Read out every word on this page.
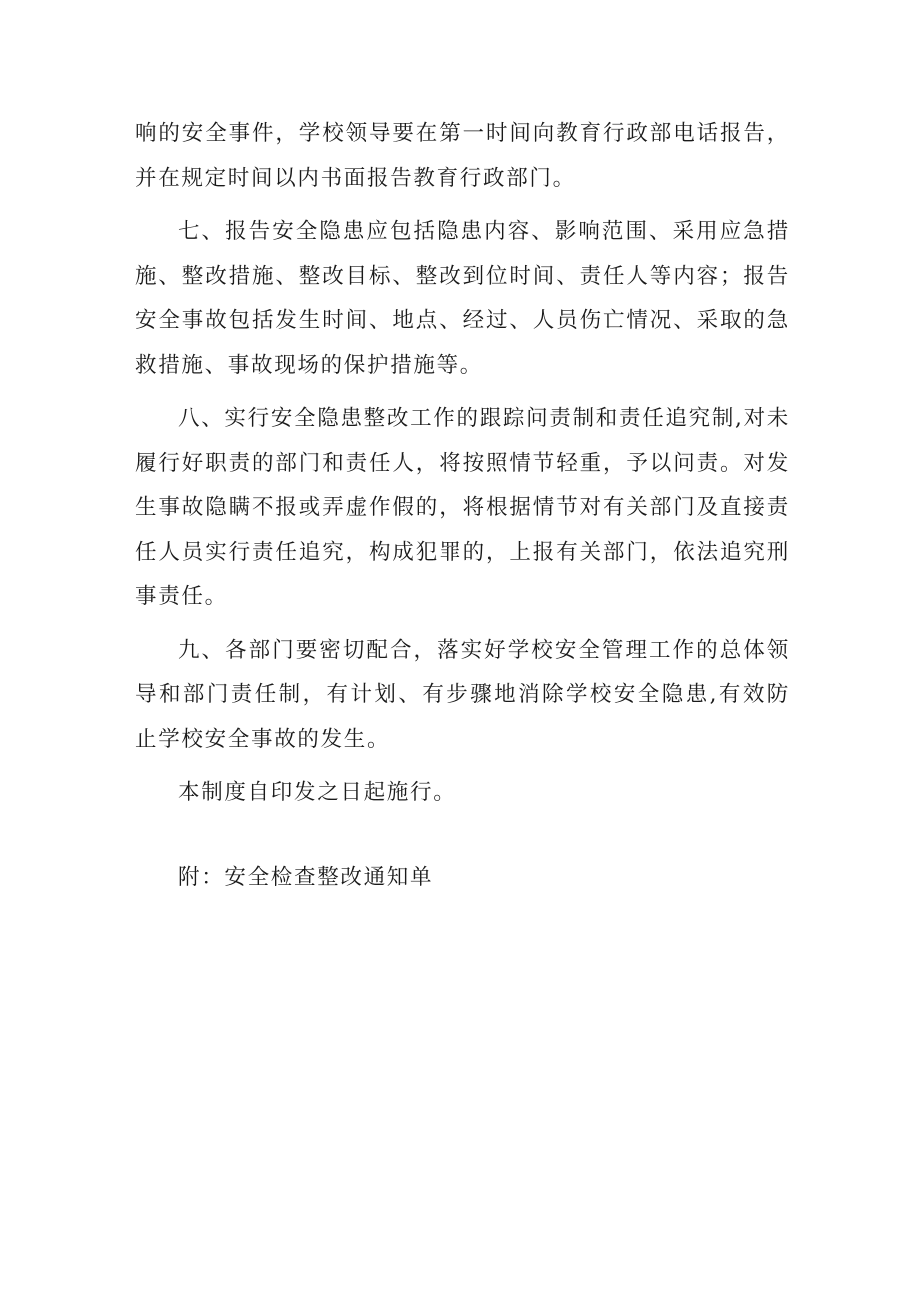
响的安全事件，学校领导要在第一时间向教育行政部电话报告，并在规定时间以内书面报告教育行政部门。

七、报告安全隐患应包括隐患内容、影响范围、采用应急措施、整改措施、整改目标、整改到位时间、责任人等内容；报告安全事故包括发生时间、地点、经过、人员伤亡情况、采取的急救措施、事故现场的保护措施等。

八、实行安全隐患整改工作的跟踪问责制和责任追究制,对未履行好职责的部门和责任人，将按照情节轻重，予以问责。对发生事故隐瞒不报或弄虚作假的，将根据情节对有关部门及直接责任人员实行责任追究，构成犯罪的，上报有关部门，依法追究刑事责任。

九、各部门要密切配合，落实好学校安全管理工作的总体领导和部门责任制，有计划、有步骤地消除学校安全隐患,有效防止学校安全事故的发生。

本制度自印发之日起施行。

附：安全检查整改通知单
